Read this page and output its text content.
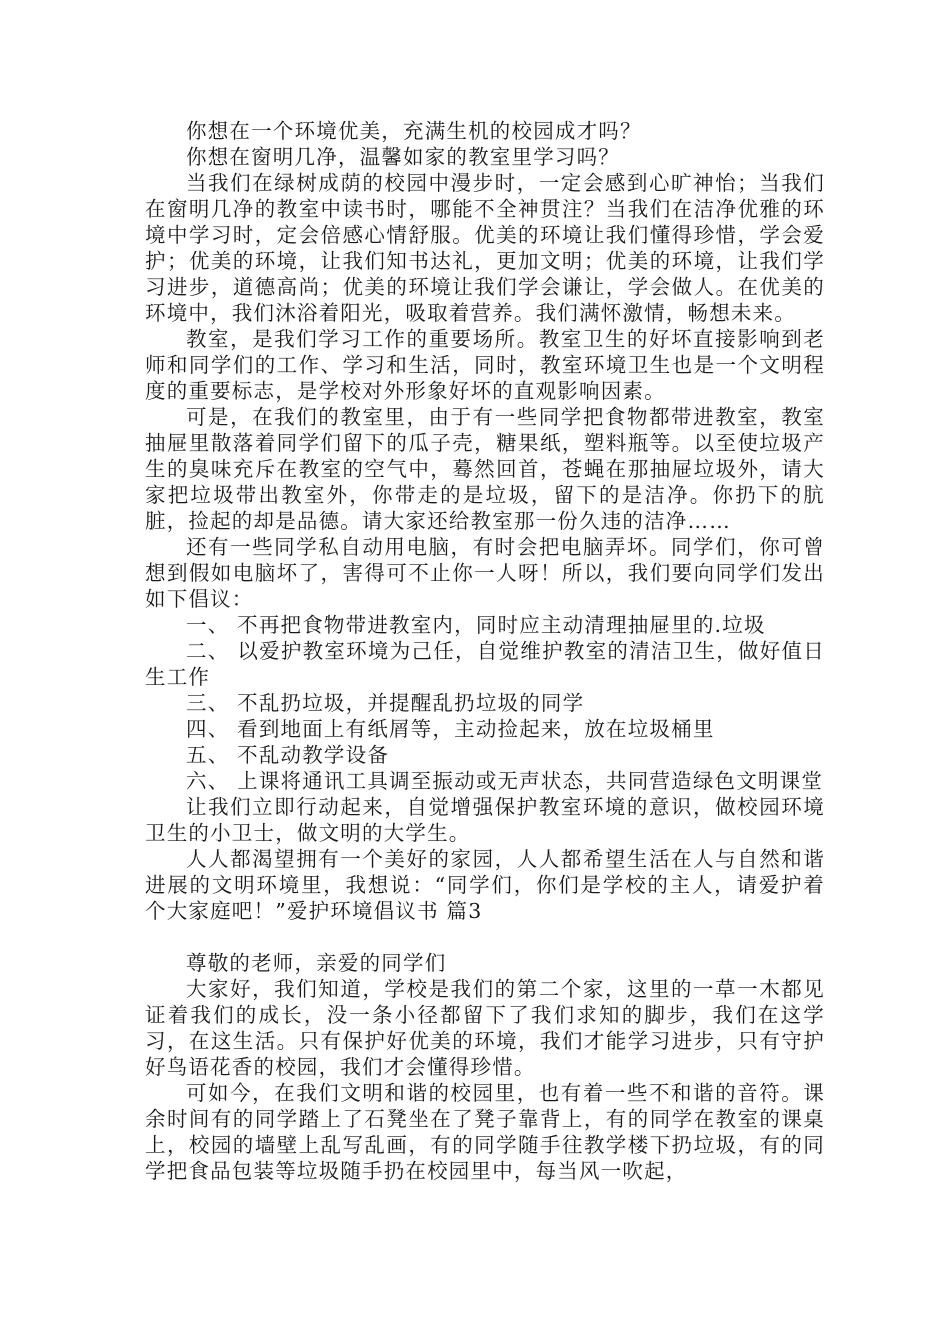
你想在一个环境优美，充满生机的校园成才吗？

你想在窗明几净，温馨如家的教室里学习吗？

当我们在绿树成荫的校园中漫步时，一定会感到心旷神怡；当我们在窗明几净的教室中读书时，哪能不全神贯注？当我们在洁净优雅的环境中学习时，定会倍感心情舒服。优美的环境让我们懂得珍惜，学会爱护；优美的环境，让我们知书达礼，更加文明；优美的环境，让我们学习进步，道德高尚；优美的环境让我们学会谦让，学会做人。在优美的环境中，我们沐浴着阳光，吸取着营养。我们满怀激情，畅想未来。

教室，是我们学习工作的重要场所。教室卫生的好坏直接影响到老师和同学们的工作、学习和生活，同时，教室环境卫生也是一个文明程度的重要标志，是学校对外形象好坏的直观影响因素。

可是，在我们的教室里，由于有一些同学把食物都带进教室，教室抽屉里散落着同学们留下的瓜子壳，糖果纸，塑料瓶等。以至使垃圾产生的臭味充斥在教室的空气中，蓦然回首，苍蝇在那抽屉垃圾外，请大家把垃圾带出教室外，你带走的是垃圾，留下的是洁净。你扔下的肮脏，捡起的却是品德。请大家还给教室那一份久违的洁净……

还有一些同学私自动用电脑，有时会把电脑弄坏。同学们，你可曾想到假如电脑坏了，害得可不止你一人呀！所以，我们要向同学们发出如下倡议：

一、 不再把食物带进教室内，同时应主动清理抽屉里的.垃圾

二、 以爱护教室环境为己任，自觉维护教室的清洁卫生，做好值日生工作

三、 不乱扔垃圾，并提醒乱扔垃圾的同学

四、 看到地面上有纸屑等，主动捡起来，放在垃圾桶里

五、 不乱动教学设备

六、 上课将通讯工具调至振动或无声状态，共同营造绿色文明课堂

让我们立即行动起来，自觉增强保护教室环境的意识，做校园环境卫生的小卫士，做文明的大学生。

人人都渴望拥有一个美好的家园，人人都希望生活在人与自然和谐进展的文明环境里，我想说：“同学们，你们是学校的主人，请爱护着个大家庭吧！”爱护环境倡议书 篇3

尊敬的老师，亲爱的同学们

大家好，我们知道，学校是我们的第二个家，这里的一草一木都见证着我们的成长，没一条小径都留下了我们求知的脚步，我们在这学习，在这生活。只有保护好优美的环境，我们才能学习进步，只有守护好鸟语花香的校园，我们才会懂得珍惜。

可如今，在我们文明和谐的校园里，也有着一些不和谐的音符。课余时间有的同学踏上了石凳坐在了凳子靠背上，有的同学在教室的课桌上，校园的墙壁上乱写乱画，有的同学随手往教学楼下扔垃圾，有的同学把食品包装等垃圾随手扔在校园里中，每当风一吹起，
